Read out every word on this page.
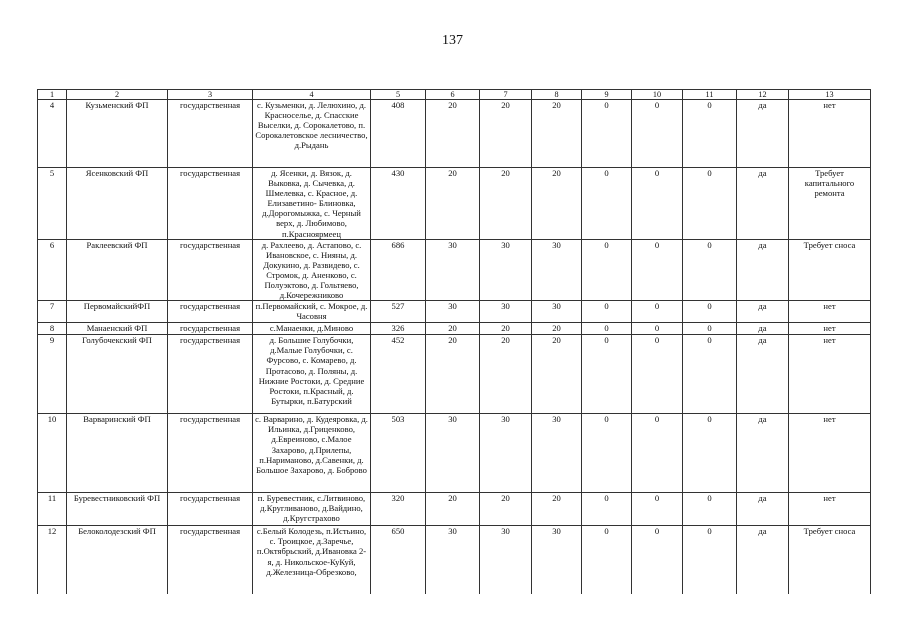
137
1	2	3	4	5	6	7	8	9	10	11	12	13
4	Кузьменский ФП	государственная	с. Кузьменки, д. Лелюхино, д. Красноселье, д. Спасские Выселки, д. Сорокалетово, п. Сорокалетовское лесничество, д.Рыдань	408	20	20	20	0	0	0	да	нет
5	Ясенковский ФП	государственная	д. Ясенки, д. Вязок, д. Выковка, д. Сычевка, д. Шмелевка, с. Красное, д. Елизаветино- Блиновка, д.Дорогомыжка, с. Черный верх, д. Любимово, п.Красноярмеец	430	20	20	20	0	0	0	да	Требует капитального ремонта
6	Раклеевский ФП	государственная	д. Рахлеево, д. Астапово, с. Ивановское, с. Нияны, д. Докукино, д. Развидево, с. Стромок, д. Аненково, с. Полуэктово, д. Гольтяево, д.Кочережниково	686	30	30	30	0	0	0	да	Требует сноса
7	ПервомайскийФП	государственная	п.Первомайский, с. Мокрое, д. Часовня	527	30	30	30	0	0	0	да	нет
8	Манаенский ФП	государственная	с.Манаенки, д.Миново	326	20	20	20	0	0	0	да	нет
9	Голубочекский ФП	государственная	д. Большие Голубочки, д.Малые Голубочки, с. Фурсово, с. Комарево, д. Протасово, д. Поляны, д. Нижние Ростоки, д. Средние Ростоки, п.Красный, д. Бутырки, п.Батурский	452	20	20	20	0	0	0	да	нет
10	Варваринский ФП	государственная	с. Варварино, д. Кудеяровка, д. Ильинка, д.Гриценково, д.Евреиново, с.Малое Захарово, д.Прилепы, п.Нариманово, д.Савенки, д. Большое Захарово, д. Боброво	503	30	30	30	0	0	0	да	нет
11	Буревестниковский ФП	государственная	п. Буревестник, с.Литвиново, д.Кругливаново, д.Вайдино, д.Кругстрахово	320	20	20	20	0	0	0	да	нет
12	Белоколодезский ФП	государственная	с.Белый Колодезь, п.Истьино, с. Троицкое, д.Заречье, п.Октябрьский, д.Ивановка 2-я, д. Никольское-КуКуй, д.Железница-Обрезково,	650	30	30	30	0	0	0	да	Требует сноса
